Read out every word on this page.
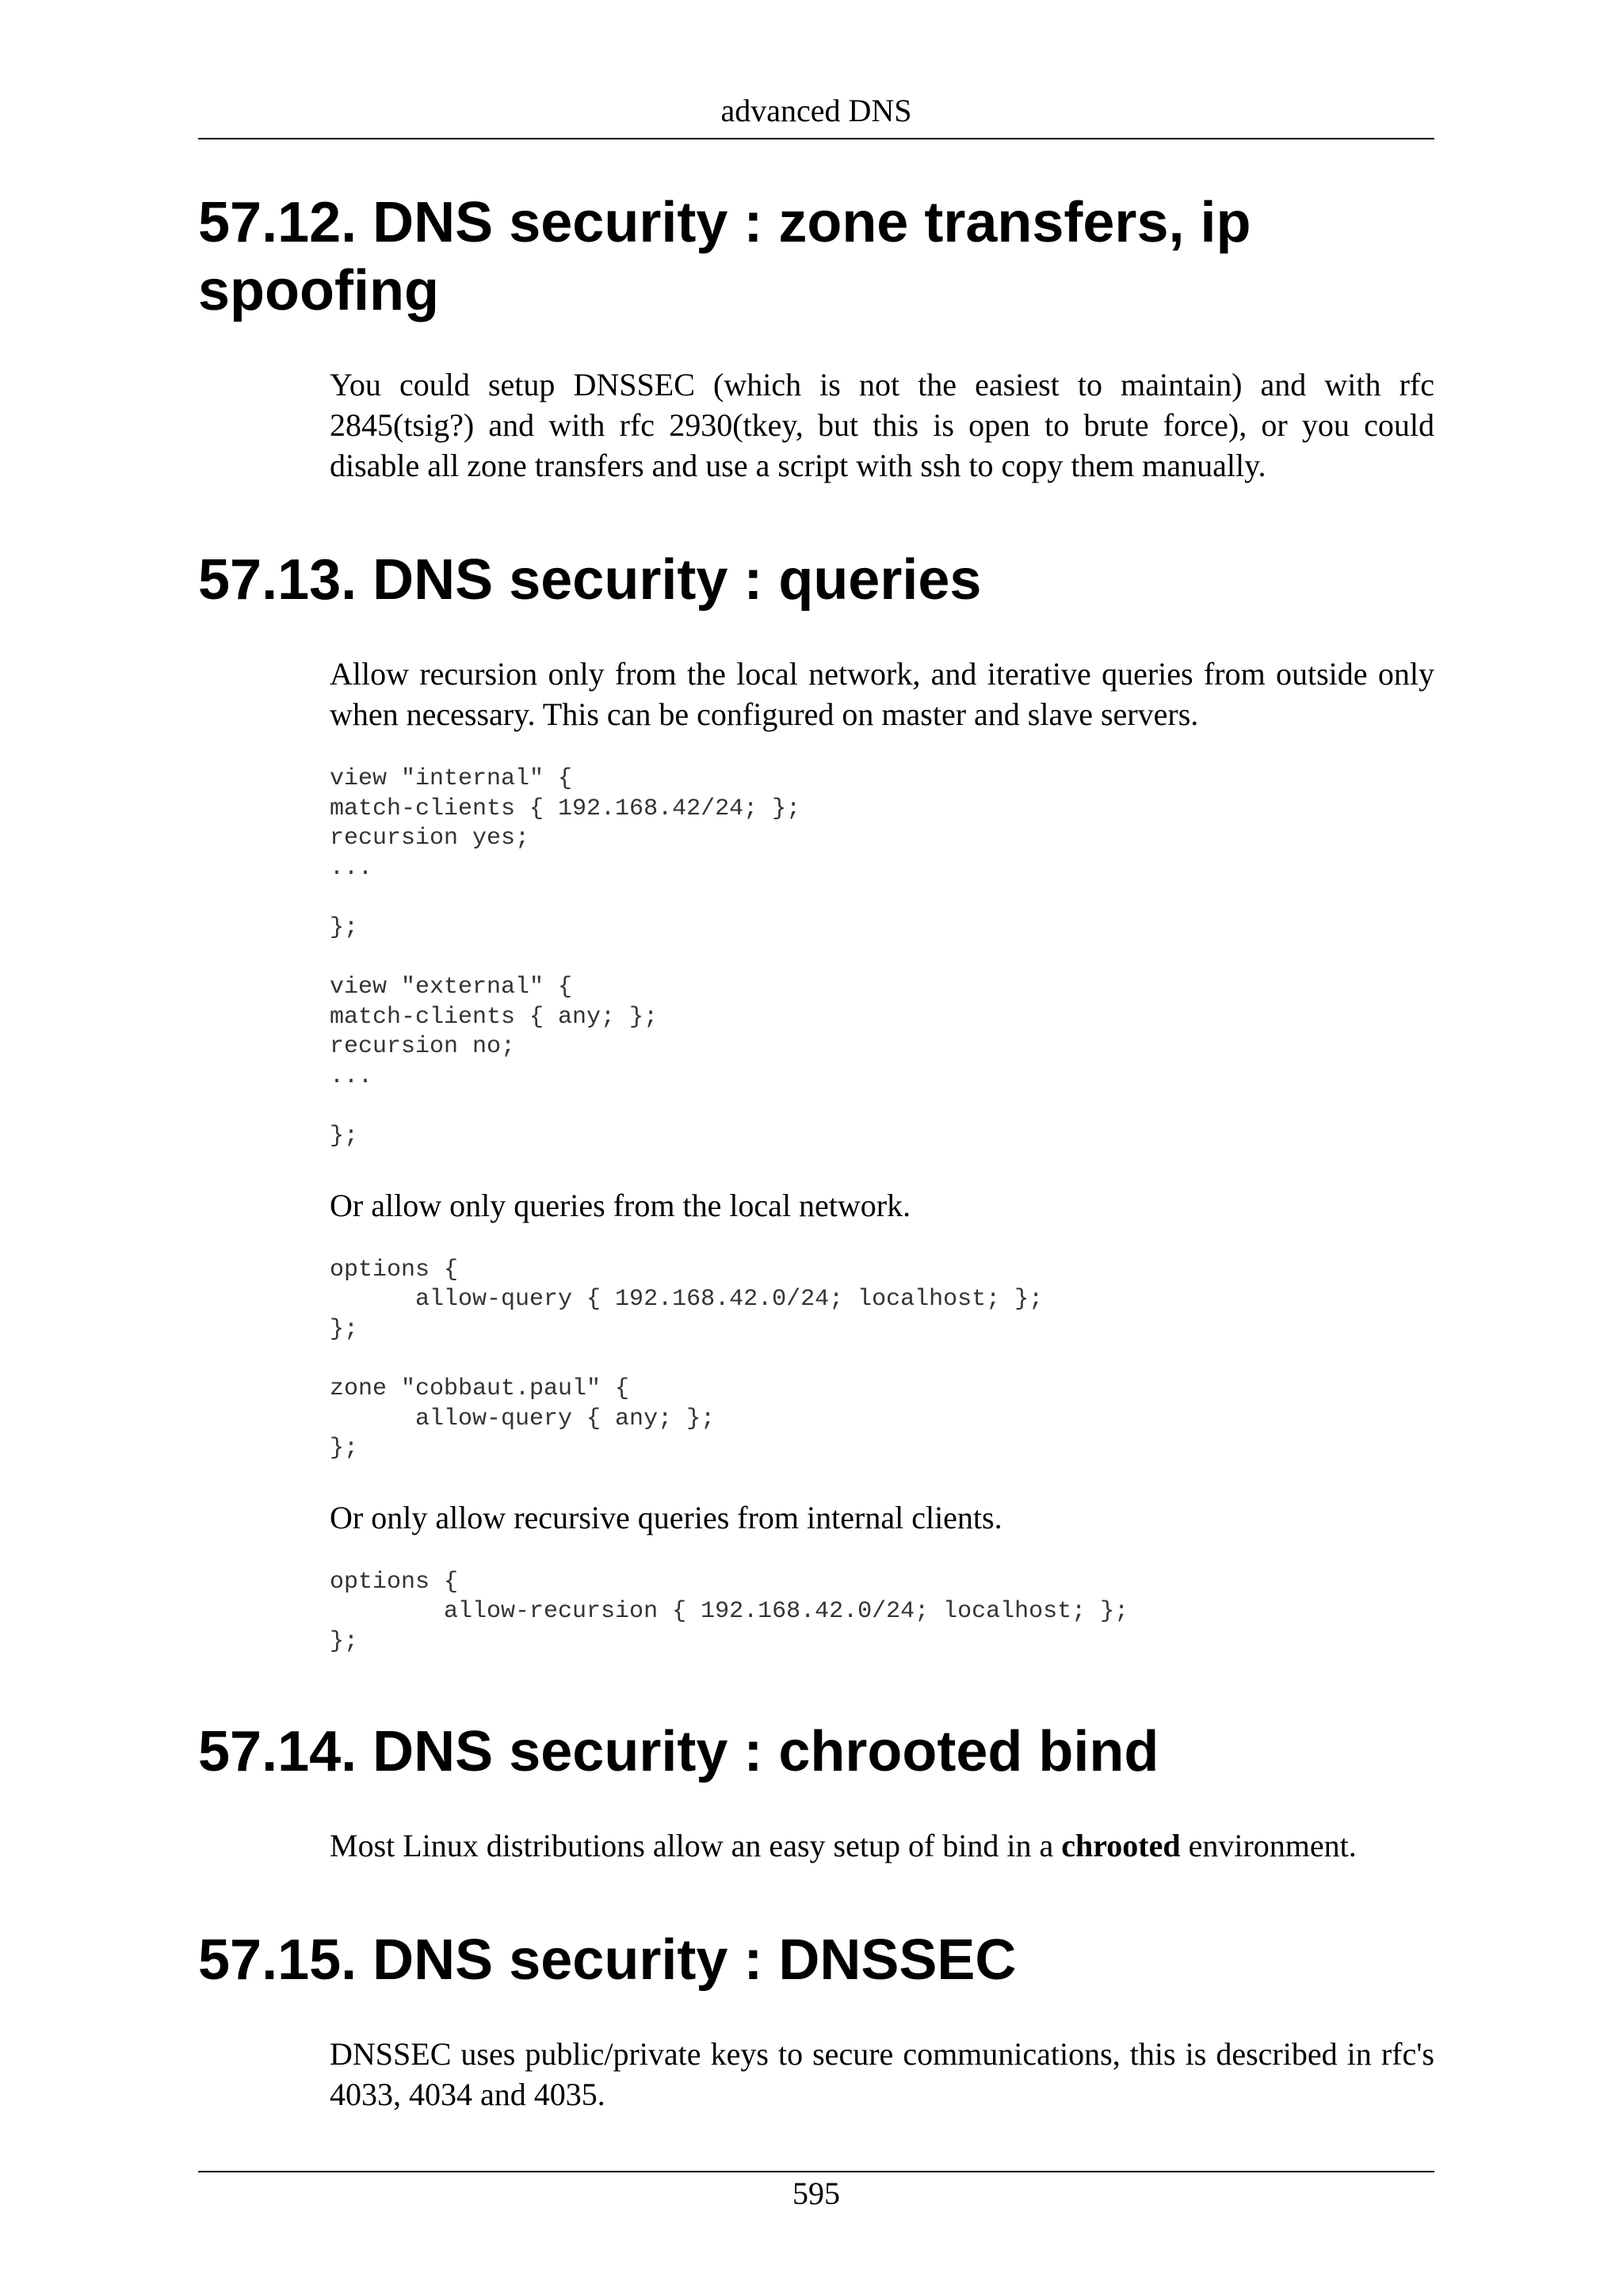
advanced DNS
57.12. DNS security : zone transfers, ip spoofing

You could setup DNSSEC (which is not the easiest to maintain) and with rfc 2845(tsig?) and with rfc 2930(tkey, but this is open to brute force), or you could disable all zone transfers and use a script with ssh to copy them manually.

57.13. DNS security : queries

Allow recursion only from the local network, and iterative queries from outside only when necessary. This can be configured on master and slave servers.

view "internal" {
match-clients { 192.168.42/24; };
recursion yes;
...

};

view "external" {
match-clients { any; };
recursion no;
...

};

Or allow only queries from the local network.

options {
allow-query { 192.168.42.0/24; localhost; };
};

zone "cobbaut.paul" {
allow-query { any; };
};

Or only allow recursive queries from internal clients.

options {
allow-recursion { 192.168.42.0/24; localhost; };
};
57.14. DNS security : chrooted bind

Most Linux distributions allow an easy setup of bind in a chrooted environment.

57.15. DNS security : DNSSEC

DNSSEC uses public/private keys to secure communications, this is described in rfc's 4033, 4034 and 4035.

595
